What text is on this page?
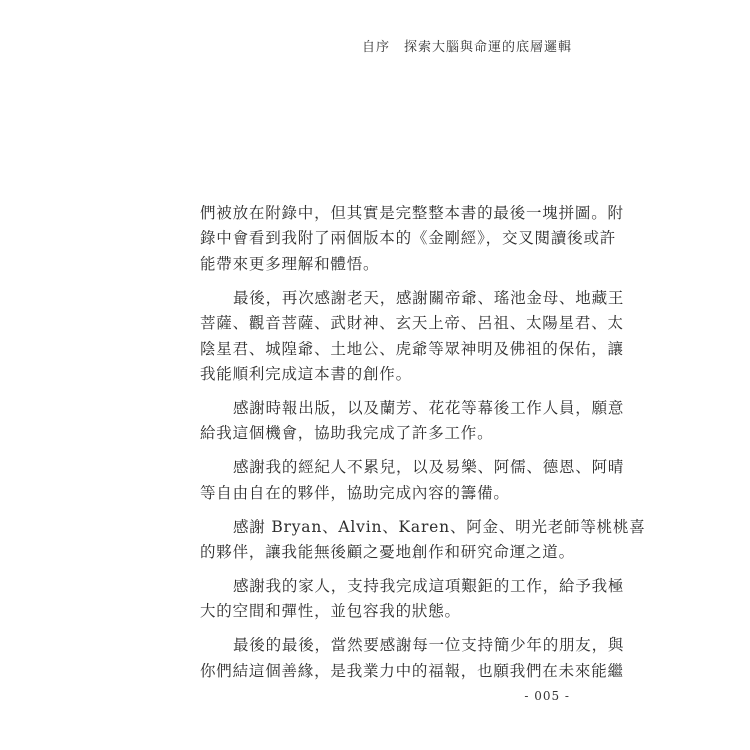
自序 探索大腦與命運的底層邏輯
們被放在附錄中，但其實是完整整本書的最後一塊拼圖。附
錄中會看到我附了兩個版本的《金剛經》，交叉閱讀後或許
能帶來更多理解和體悟。
最後，再次感謝老天，感謝關帝爺、瑤池金母、地藏王
菩薩、觀音菩薩、武財神、玄天上帝、呂祖、太陽星君、太
陰星君、城隍爺、土地公、虎爺等眾神明及佛祖的保佑，讓
我能順利完成這本書的創作。
感謝時報出版，以及蘭芳、花花等幕後工作人員，願意
給我這個機會，協助我完成了許多工作。
感謝我的經紀人不累兒，以及易樂、阿儒、德恩、阿晴
等自由自在的夥伴，協助完成內容的籌備。
感謝 Bryan、Alvin、Karen、阿金、明光老師等桃桃喜
的夥伴，讓我能無後顧之憂地創作和研究命運之道。
感謝我的家人，支持我完成這項艱鉅的工作，給予我極
大的空間和彈性，並包容我的狀態。
最後的最後，當然要感謝每一位支持簡少年的朋友，與
你們結這個善緣，是我業力中的福報，也願我們在未來能繼
- 005 -
